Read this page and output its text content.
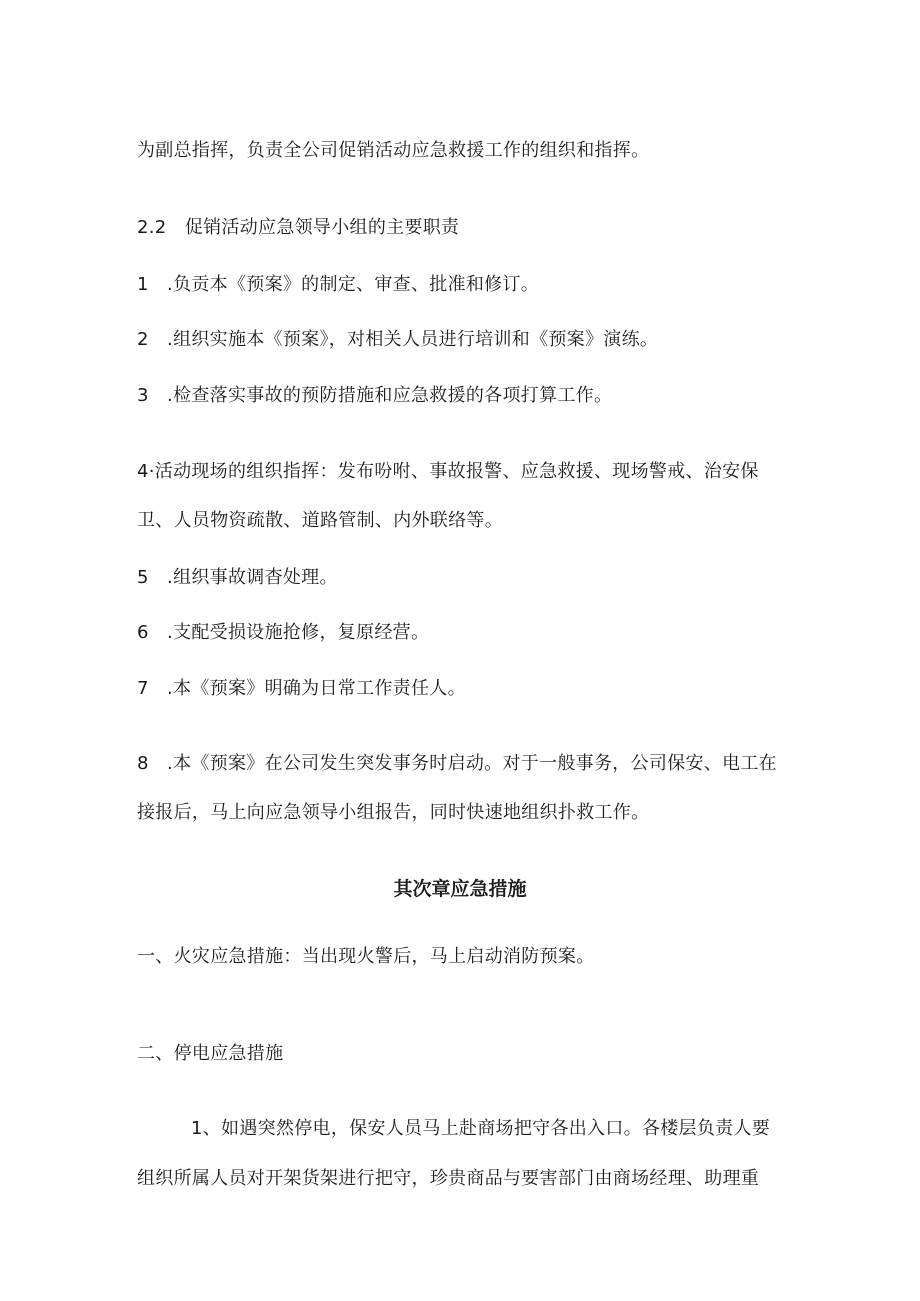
为副总指挥，负责全公司促销活动应急救援工作的组织和指挥。
2.2　促销活动应急领导小组的主要职责
1　.负贡本《预案》的制定、审查、批准和修订。
2　.组织实施本《预案》，对相关人员进行培训和《预案》演练。
3　.检查落实事故的预防措施和应急救援的各项打算工作。
4·活动现场的组织指挥：发布吩咐、事故报警、应急救援、现场警戒、治安保
卫、人员物资疏散、道路管制、内外联络等。
5　.组织事故调杳处理。
6　.支配受损设施抢修，复原经营。
7　.本《预案》明确为日常工作责任人。
8　.本《预案》在公司发生突发事务时启动。对于一般事务，公司保安、电工在
接报后，马上向应急领导小组报告，同时快速地组织扑救工作。
其次章应急措施
一、火灾应急措施：当出现火警后，马上启动消防预案。
二、停电应急措施
1、如遇突然停电，保安人员马上赴商场把守各出入口。各楼层负责人要
组织所属人员对开架货架进行把守，珍贵商品与要害部门由商场经理、助理重
